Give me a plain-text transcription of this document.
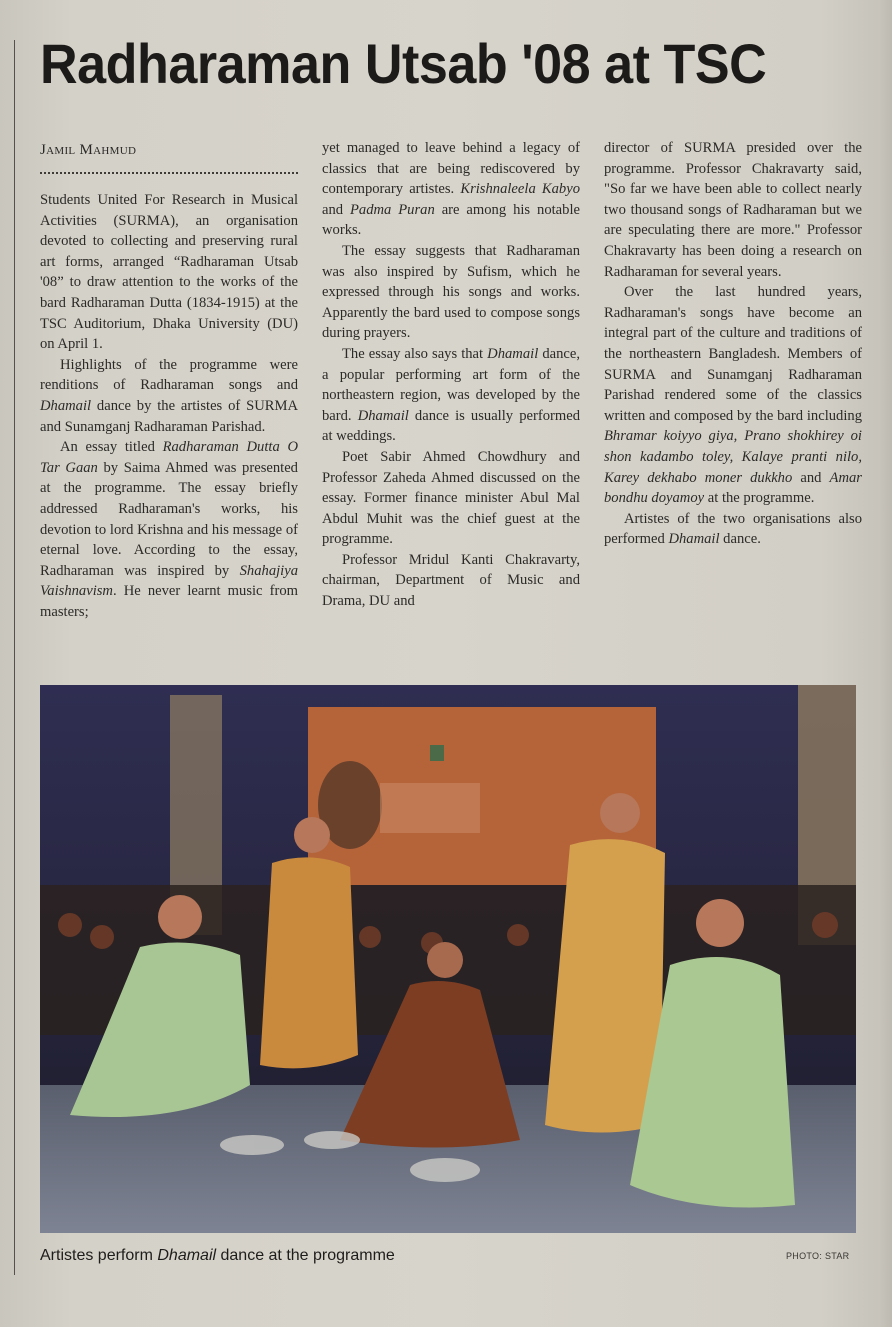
Radharaman Utsab '08 at TSC
Jamil Mahmud

Students United For Research in Musical Activities (SURMA), an organisation devoted to collecting and preserving rural art forms, arranged “Radharaman Utsab '08” to draw attention to the works of the bard Radharaman Dutta (1834-1915) at the TSC Auditorium, Dhaka University (DU) on April 1.

Highlights of the programme were renditions of Radharaman songs and Dhamail dance by the artistes of SURMA and Sunamganj Radharaman Parishad.

An essay titled Radharaman Dutta O Tar Gaan by Saima Ahmed was presented at the programme. The essay briefly addressed Radharaman's works, his devotion to lord Krishna and his message of eternal love. According to the essay, Radharaman was inspired by Shahajiya Vaishnavism. He never learnt music from masters;

yet managed to leave behind a legacy of classics that are being rediscovered by contemporary artistes. Krishnaleela Kabyo and Padma Puran are among his notable works.

The essay suggests that Radharaman was also inspired by Sufism, which he expressed through his songs and works. Apparently the bard used to compose songs during prayers.

The essay also says that Dhamail dance, a popular performing art form of the northeastern region, was developed by the bard. Dhamail dance is usually performed at weddings.

Poet Sabir Ahmed Chowdhury and Professor Zaheda Ahmed discussed on the essay. Former finance minister Abul Mal Abdul Muhit was the chief guest at the programme.

Professor Mridul Kanti Chakravarty, chairman, Department of Music and Drama, DU and

director of SURMA presided over the programme. Professor Chakravarty said, "So far we have been able to collect nearly two thousand songs of Radharaman but we are speculating there are more." Professor Chakravarty has been doing a research on Radharaman for several years.

Over the last hundred years, Radharaman's songs have become an integral part of the culture and traditions of the northeastern Bangladesh. Members of SURMA and Sunamganj Radharaman Parishad rendered some of the classics written and composed by the bard including Bhramar koiyyo giya, Prano shokhirey oi shon kadambo toley, Kalaye pranti nilo, Karey dekhabo moner dukkho and Amar bondhu doyamoy at the programme.

Artistes of the two organisations also performed Dhamail dance.

Artistes perform Dhamail dance at the programme	PHOTO: STAR
